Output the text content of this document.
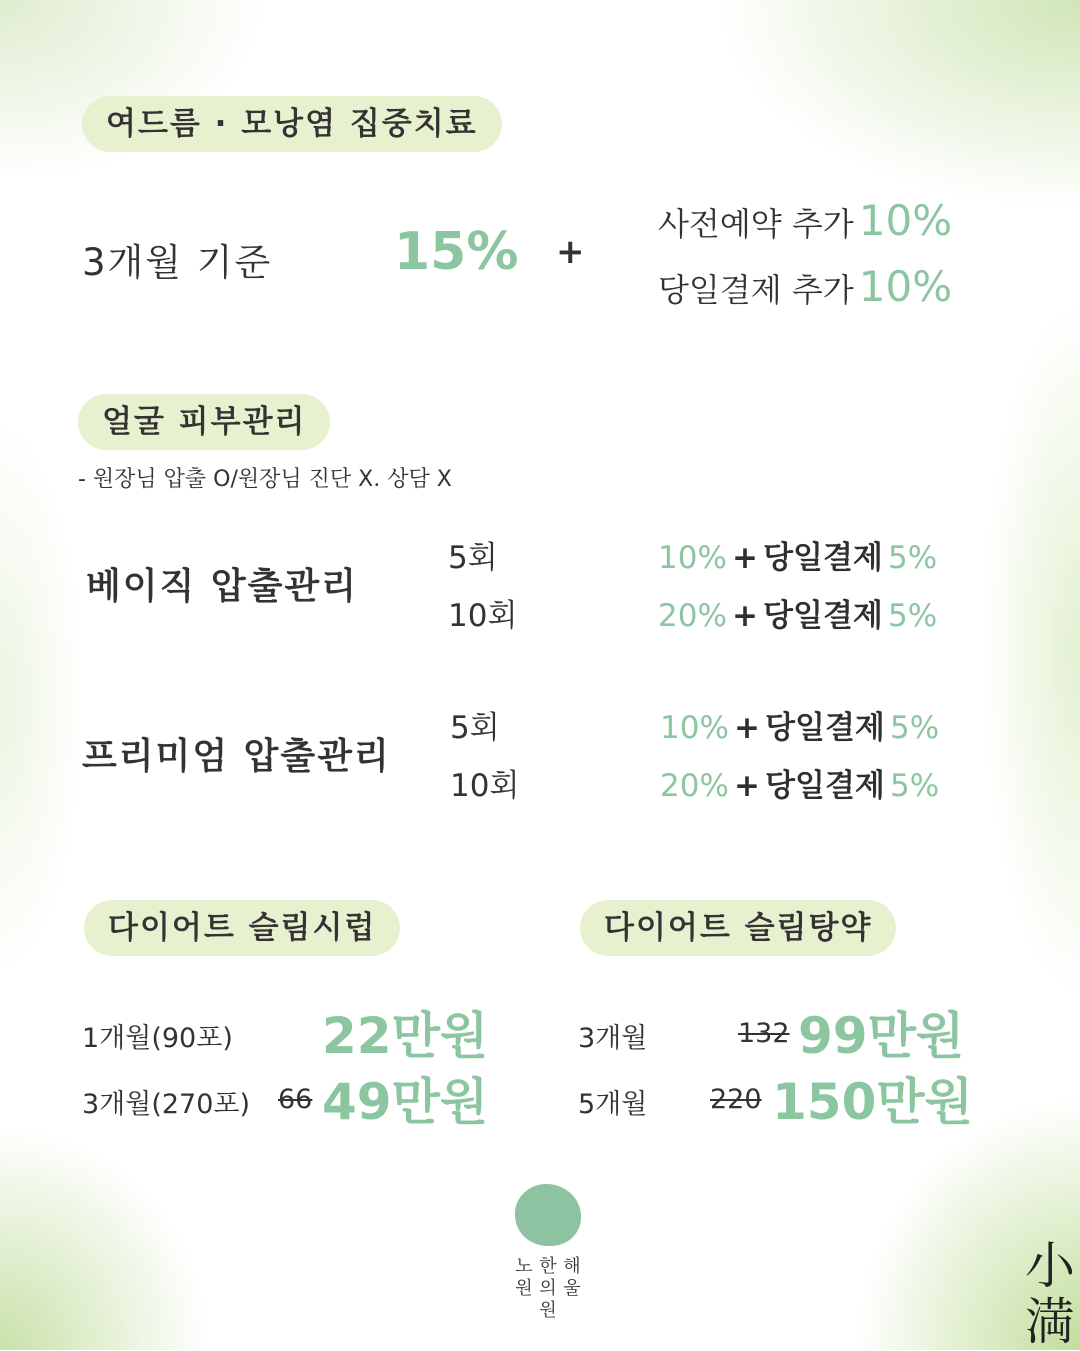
여드름 · 모낭염 집중치료
3개월 기준 15% +
사전예약 추가 10%
당일결제 추가 10%
얼굴 피부관리
- 원장님 압출 O/원장님 진단 X. 상담 X
베이직 압출관리
5회	10% + 당일결제 5%
10회	20% + 당일결제 5%
프리미엄 압출관리
5회	10% + 당일결제 5%
10회	20% + 당일결제 5%
다이어트 슬림시럽
1개월(90포) 22만원
3개월(270포) 66 49만원
다이어트 슬림탕약
3개월	132 99만원
5개월 220 150만원
노
원
한
의
원
해
울	小
満
